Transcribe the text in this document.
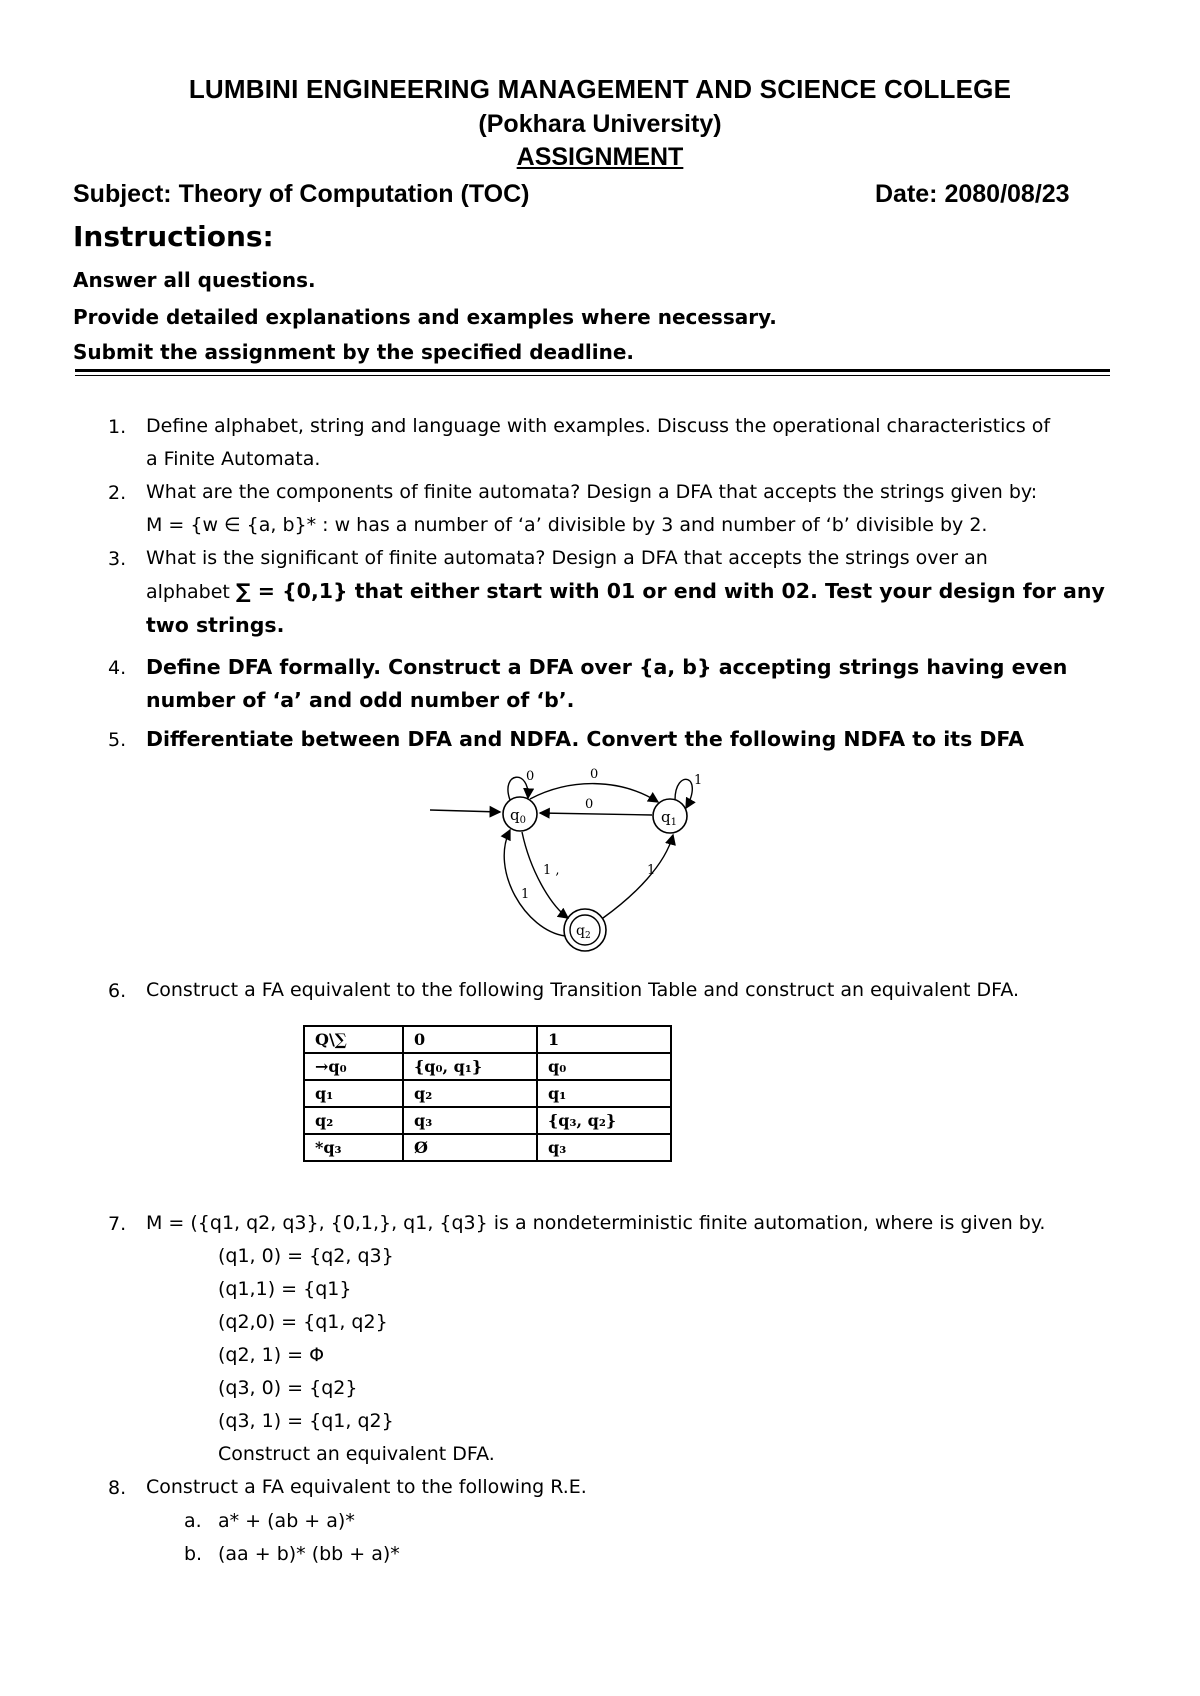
LUMBINI ENGINEERING MANAGEMENT AND SCIENCE COLLEGE
(Pokhara University)
ASSIGNMENT
Subject: Theory of Computation (TOC)	Date: 2080/08/23
Instructions:
Answer all questions.
Provide detailed explanations and examples where necessary.
Submit the assignment by the specified deadline.
1. Define alphabet, string and language with examples. Discuss the operational characteristics of
a Finite Automata.
2. What are the components of finite automata? Design a DFA that accepts the strings given by:
M = {w ∈ {a, b}* : w has a number of ‘a’ divisible by 3 and number of ‘b’ divisible by 2.
3. What is the significant of finite automata? Design a DFA that accepts the strings over an
alphabet ∑ = {0,1} that either start with 01 or end with 02. Test your design for any
two strings.
4. Define DFA formally. Construct a DFA over {a, b} accepting strings having even
number of ‘a’ and odd number of ‘b’.
5. Differentiate between DFA and NDFA. Convert the following NDFA to its DFA
$q_0$	$q_1$
$q_2$
0	0
0
1
1 ,
1
1
6. Construct a FA equivalent to the following Transition Table and construct an equivalent DFA.
Q\∑	0	1
→q₀	{q₀, q₁}	q₀
q₁	q₂	q₁
q₂	q₃	{q₃, q₂}
*q₃	Ø	q₃
7. M = ({q1, q2, q3}, {0,1,}, q1, {q3} is a nondeterministic finite automation, where is given by.
(q1, 0) = {q2, q3}
(q1,1) = {q1}
(q2,0) = {q1, q2}
(q2, 1) = Φ
(q3, 0) = {q2}
(q3, 1) = {q1, q2}
Construct an equivalent DFA.
8. Construct a FA equivalent to the following R.E.
a. a* + (ab + a)*
b. (aa + b)* (bb + a)*
